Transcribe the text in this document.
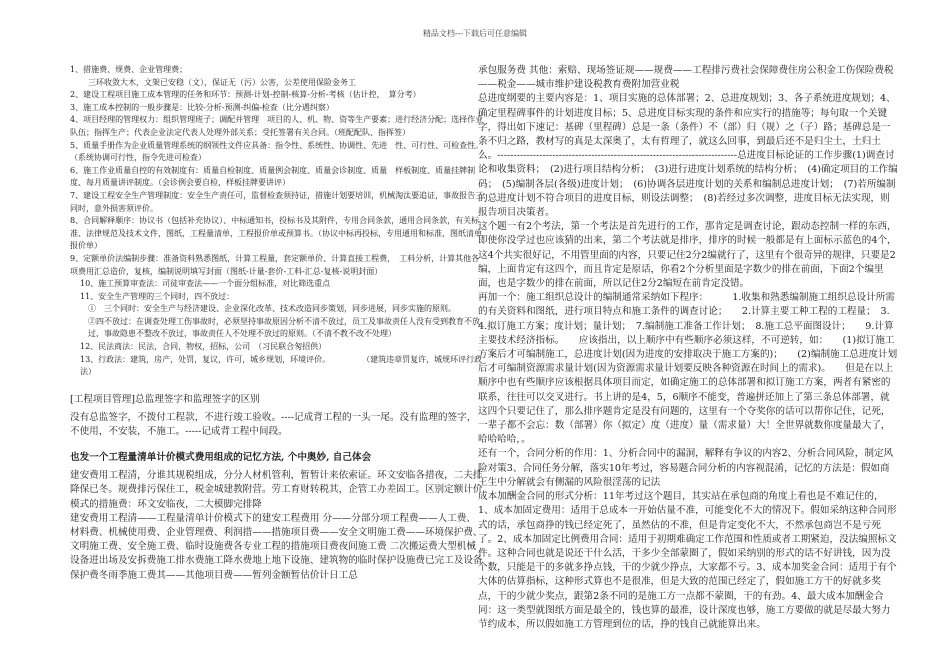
精品文档---下载后可任意编辑

1、措施费、规费、企业管理费；

三环收敛大木，文架已安稳（文），保证无（污）公害，公差使用保险金务工

2、建设工程项目施工成本管理的任务和环节：预测-计划-控制-核算-分析-考核（估计控，　算分考）

3、施工成本控制的一般步骤是：比较-分析-预测-纠偏-检查（比分遇纠察）

4、项目经理的管理权力：组织管理班子；调配并管理　项目的人、机、物、资等生产要素；进行经济分配；选择作业队伍；指挥生产；代表企业法定代表人处理外部关系；受托签署有关合同。（班配配队、指挥签）

5、质量手册作为企业质量管理系统的纲领性文件应具备：指令性、系统性、协调性、先进　性、可行性、可检查性。（系统协调可行性，指令先进可检查）

6、施工作业质量自控的有效制度有：质量自检制度、质量例会制度、质量会诊制度、质量　样板制度、质量挂牌制度、每月质量讲评制度。（会诊例会要自检，样板挂牌要讲评）

7、建设工程安全生产管理制度：安全生产责任可，监督检查须持证，措施计划要培训，机械淘汰要追证，事故报告三同时，意外损害须评价。

8、合同解释顺序：协议书（包括补充协议）、中标通知书，投标书及其附件，专用合同条款，通用合同条款，有关标准、法律规范及技术文件，图纸，工程量清单，工程报价单或预算书。（协议中标再投标，专用通用和标准，图纸清单报价单）

9、定额单价法编制步骤：准备资料熟悉图纸，计算工程量，套定额单价、计算直接工程费，　工料分析，计算其他各项费用汇总造价，复核，编制说明填写封面（图纸-计量-套价-工料-汇总-复核-说明封面）

10、施工预算审查法：司徒审查法——一个面分组标准，对比筛选重点

11、安全生产管理的三个同时，四不放过：

①　三个同时：安全生产与经济建设、企业深化改革、技术改造同步策划，同步进展，同步实施的原则。

②四不放过：在调查处理工伤事故时，必须坚持事故原因分析不清不放过，员工及事故责任人没有受到教育不放过，事故隐患不整改不放过，事故责任人不处理不放过的原则。（不清不教不改不处理）

12、民法商法：民法，合同，物权，招标，公司　（习民联合匆招供）

13、行政法：建筑，房产，处罚，复议，许可，城乡规划，环境评价。　　　　　（建筑违章罚复许，城规环评行政法）

[工程项目管理]总监理签字和监理签字的区别

没有总监签字，不拨付工程款，不进行竣工验收。----记成背工程的一头一尾。没有监理的签字，不使用，不安装，不施工。-----记成背工程中间段。

也发一个工程量清单计价模式费用组成的记忆方法, 个中奥妙, 自己体会

建安费用工程清，分谁其规税组成，分分人材机管利，暂暂计来依索证。环文安临各措夜，二夫排降保已冬。规费排污保住工，税金城建教附营。劳工育财转税其，企管工办差固工。区别定额计价模式的措施费：环文安临夜，二大模脚完排降

建安费用工程清——工程量清单计价模式下的建安工程费用 分——分部分项工程费——人工费、材料费、机械使用费、企业管理费、利润措——措施项目费——安全文明施工费——环境保护费、文明施工费、安全施工费、临时设施费各专业工程的措施项目费夜间施工费 二次搬运费大型机械设备进出场及安拆费施工排水费施工降水费地上地下设施、建筑物的临时保护设施费已完工及设备保护费冬雨季施工费其——其他项目费——暂列金额暂估价计日工总

承包服务费 其他：索赔、现场签证规——规费——工程排污费社会保障费住房公积金工伤保险费税——税金——城市维护建设税教育费附加营业税

总进度纲要的主要内容是：1、项目实施的总体部署；2、总进度规划；3、各子系统进度规划；4、确定里程碑事件的计划进度目标；5、总进度目标实现的条件和应实行的措施等；每句取一个关键字，得出如下速记：基碑（里程碑）总是一条（条件）不（部）归（规）之（子）路；基碑总是一条不归之路，教材写的真是太深奥了，太有哲理了，就这么回事，到最后还不是归尘土，土归土

么。--------------------------------------------------------------------------总进度目标论证的工作步骤(1)调查讨论和收集资料；　(2)进行项目结构分析；　(3)进行进度计划系统的结构分析；　(4)确定项目的工作编码；　(5)编制各层(各级)进度计划；　(6)协调各层进度计划的关系和编制总进度计划；　(7)若所编制的总进度计划不符合项目的进度目标，则设法调整；　(8)若经过多次调整，进度目标无法实现，则报告项目决策者。

这个题一有2个考法，第一个考法是首先进行的工作，那肯定是调查讨论，跟动态控制一样的东西，即使你没学过也应该猜的出来，第二个考法就是排序，排序的时候一般都是有上面标示蓝色的4个，这4个共实很好记，不用管里面的内容，只要记住2分2编就行了，这里有个很奇异的规律，只要是2编，上面肯定有这四个，而且肯定是原话，你看2个分析里面是字数少的排在前面，下面2个编里面，也是字数少的排在前面，所以记住2分2编短在前肯定没错。

再加一个：施工组织总设计的编制通常采纳如下程序：　　　1.收集和熟悉编制施工组织总设计所需的有关资料和图纸，进行项目特点和施工条件的调查讨论；　　2.计算主要工种工程的工程量；　3.　4.拟订施工方案；度计划；量计划；　7.编制施工准备工作计划；　8.施工总平面图设计；　　9.计算主要技术经济指标。　　应该指出，以上顺序中有些顺序必须这样，不可逆转，如：　　(1)拟订施工方案后才可编制施工，总进度计划(因为进度的安排取决于施工方案的)；　　(2)编制施工总进度计划后才可编制资源需求量计划(因为资源需求量计划要反映各种资源在时间上的需求)。　　但是在以上顺序中也有些顺序应该根据具体项目而定，如确定施工的总体部署和拟订施工方案，两者有紧密的联系，往往可以交叉进行。书上讲的是4，5，6顺序不能变，普遍拼还加上了第三条总体部署，就这四个只要记住了，那么排序题肯定是没有问题的，这里有一个夺奖你的话可以帮你记住，记死，一辈子都不会忘：数（部署）你（拟定）度（进度）量（需求量）大！全世界就数你度量最大了，哈哈哈哈，。

还有一个，合同分析的作用：1、分析合同中的漏洞，解释有争议的内容2、分析合同风险，制定风险对策3、合同任务分解，落实10年考过，容易题合同分析的内容视混淆，记忆的方法是：假如商王生中分解就会有侧漏的风险很淫荡的记法

成本加酬金合同的形式分析：11年考过这个题目，其实站在承包商的角度上看也是不难记住的，1、成本加固定费用：适用于总成本一开始估量不准，可能变化不大的情况下。假如采纳这种合同形式的话，承包商挣的钱已经定死了，虽然估的不准，但是肯定变化不大，不然承包商岂不是亏死了。2、成本加固定比例费用合同：适用于初期难确定工作范围和性质或者工期紧迫，没法编照标文件。这种合同也就是说还干什么活，干多少全部蒙圈了，假如采纳别的形式的话不好讲钱，因为没个数，只能是干的多就多挣点钱，干的少就少挣点，大家都不亏。3、成本加奖金合同：适用于有个大体的估算指标，这种形式算也不是很准，但是大致的范围已经定了，假如施工方干的好就多奖点，干的少就少奖点，跟第2条不同的是施工方一点都不蒙圈，干的有劲。4、最大成本加酬金合同：这一类型就图纸方面是最全的，钱也算的最准，设计深度也够，施工方要做的就是尽最大努力节约成本，所以假如施工方管理到位的话，挣的钱自己就能算出来。
